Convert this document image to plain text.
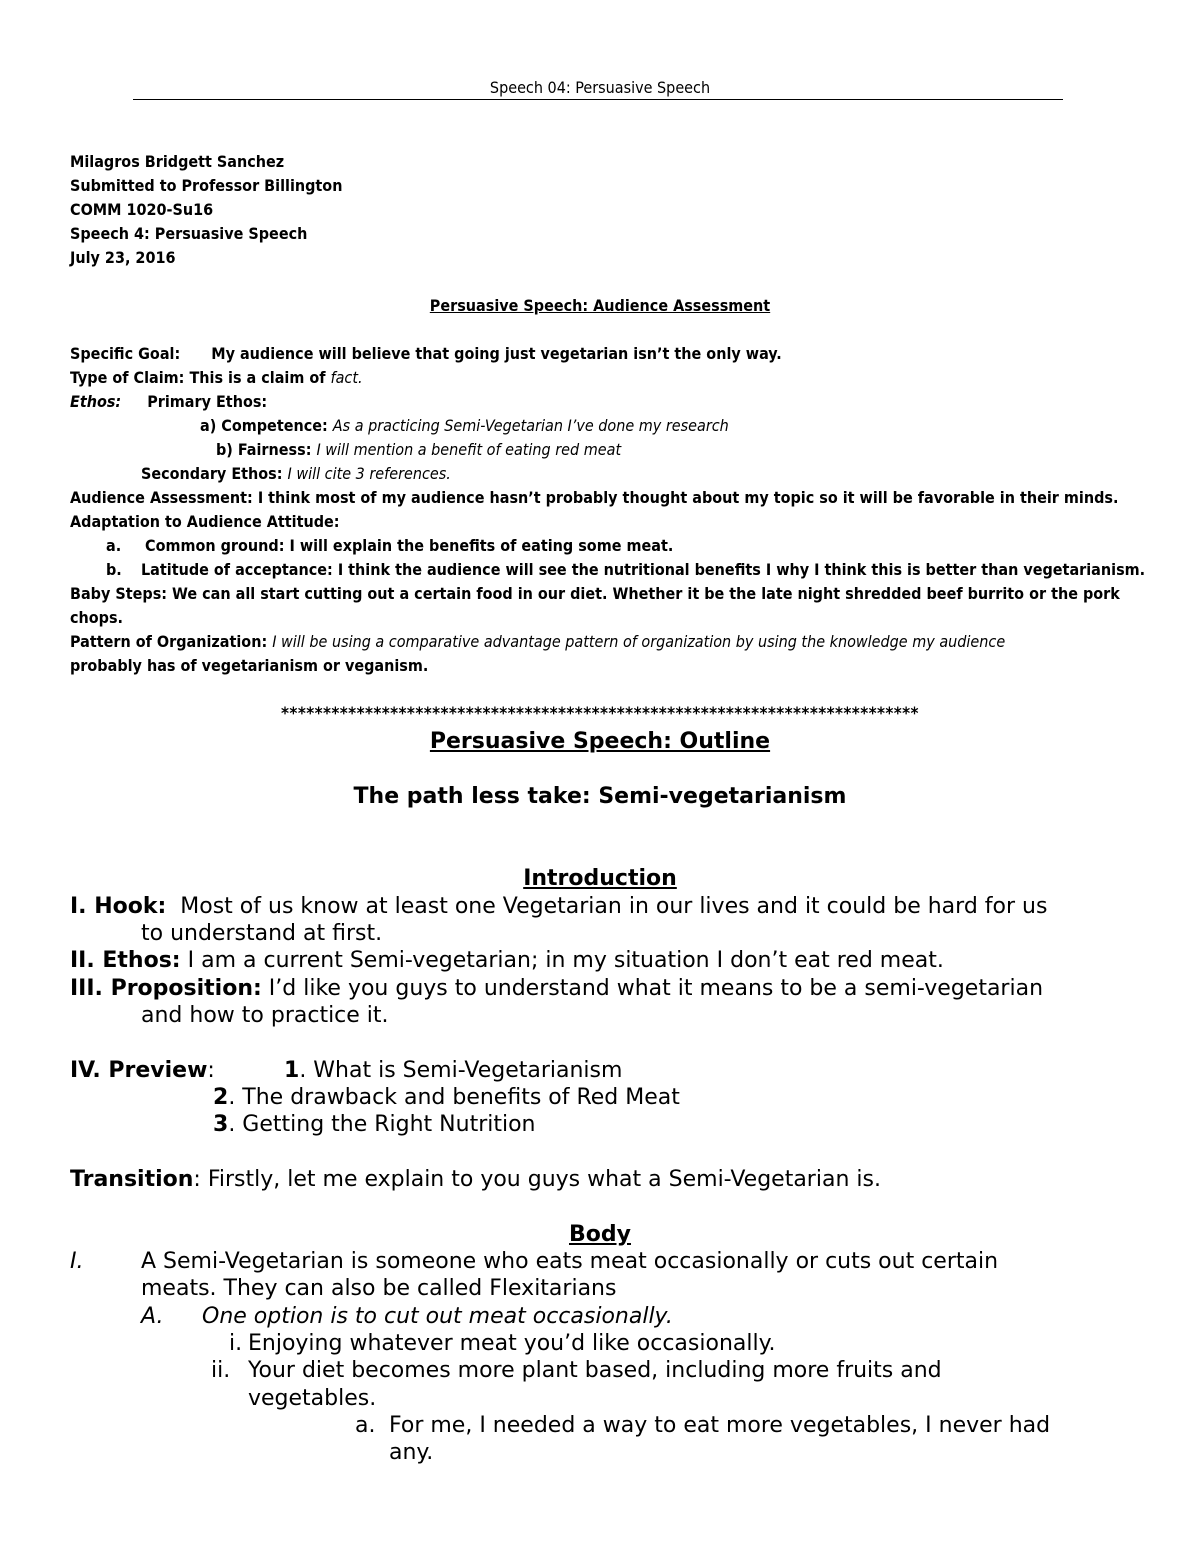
Speech 04: Persuasive Speech
Milagros Bridgett Sanchez
Submitted to Professor Billington
COMM 1020-Su16
Speech 4: Persuasive Speech
July 23, 2016
Persuasive Speech: Audience Assessment
Specific Goal: My audience will believe that going just vegetarian isn’t the only way.
Type of Claim: This is a claim of fact.
Ethos: Primary Ethos:
a) Competence: As a practicing Semi-Vegetarian I’ve done my research
b) Fairness: I will mention a benefit of eating red meat
Secondary Ethos: I will cite 3 references.
Audience Assessment: I think most of my audience hasn’t probably thought about my topic so it will be favorable in their minds.
Adaptation to Audience Attitude:
a. Common ground: I will explain the benefits of eating some meat.
b. Latitude of acceptance: I think the audience will see the nutritional benefits I why I think this is better than vegetarianism.
Baby Steps: We can all start cutting out a certain food in our diet. Whether it be the late night shredded beef burrito or the pork
chops.
Pattern of Organization: I will be using a comparative advantage pattern of organization by using the knowledge my audience
probably has of vegetarianism or veganism.
****************************************************************************
Persuasive Speech: Outline
The path less take: Semi-vegetarianism
Introduction
I. Hook: Most of us know at least one Vegetarian in our lives and it could be hard for us
to understand at first.
II. Ethos: I am a current Semi-vegetarian; in my situation I don’t eat red meat.
III. Proposition: I’d like you guys to understand what it means to be a semi-vegetarian
and how to practice it.
IV. Preview:	1. What is Semi-Vegetarianism
2. The drawback and benefits of Red Meat
3. Getting the Right Nutrition
Transition: Firstly, let me explain to you guys what a Semi-Vegetarian is.
Body
I.	A Semi-Vegetarian is someone who eats meat occasionally or cuts out certain
meats. They can also be called Flexitarians
A. One option is to cut out meat occasionally.
i. Enjoying whatever meat you’d like occasionally.
ii. Your diet becomes more plant based, including more fruits and
vegetables.
a. For me, I needed a way to eat more vegetables, I never had
any.
